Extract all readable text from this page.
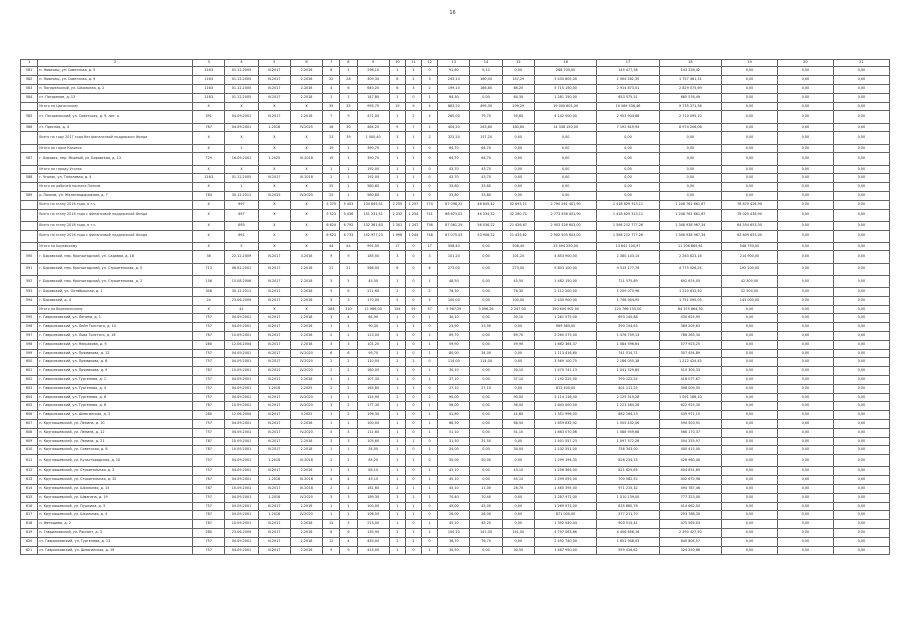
16
1	2	3	4	5	6	7	8	9	10	11	12	13	14	15	16	17	18	19	20	21
581	п. Новочеш, ул. Советская, д. 5	1163	01.12.2005	IV.2017	2.2018	8	1	298,10	1	1	0	91,60	9,10	0,00	288 700,00	145 477,36	143 228,42	0,00	0,00	0,00
582	п. Новочеш, ул. Советская, д. 9	1163	01.12.2005	IV.2017	2.2018	22	28	309,30	6	2	3	243,10	180,00	147,29	3 435 805,00	1 904 282,35	1 757 461,31	0,00	0,00	0,00
583	п. Погорельский, ул. Школьная, д. 2	1163	01.12.2005	IV.2017	2.2018	4	6	640,20	6	3	2	199,10	186,80	86,20	5 715 150,00	2 914 873,51	2 829 075,69	0,00	0,00	0,00
584	ст. Погорелое, д. 13	1163	01.12.2005	IV.2017	2.2018	1	1	147,80	1	0	1	64,30	0,00	64,30	1 281 150,00	653 575,51	665 576,49	0,00	0,00	0,00
	Итого по Цыганскому	X	X	X	X	35	35	995,70	19	9	4	663,20	499,30	199,29	19 000 605,00	10 069 536,46	9 735 371,36	0,00	0,00	0,00
585	ст. Погорельский, ул. Советская, д. 9, лит. а	391	04.09.2001	IV.2017	2.2018	7	9	471,00	1	2	4	280,00	79,70	59,60	4 142 000,00	2 953 904,68	2 710 095,10	0,00	0,00	0,00
586	ст. Пресная, д. 4	787	04.09.2001	1.2018	IV.2025	16	30	464,20	9	7	2	404,20	243,60	180,60	14 338 150,00	7 192 619,94	6 974 206,06	0,00	0,00	0,00
	Всего по году 2017 года без финансовой поддержки Фонда	X	X	X	X	23	39	1 000,40	3	1	2	323,20	137,20	0,00	0,00	0,00	0,00	0,00	0,00	0,00
	Итого по горке Казинск	X	1	X	X	19	1	390,70	1	1	0	64,70	64,70	0,00	0,00	0,00	0,00	0,00	0,00	0,00
587	г. Боровск, пер. Мирный, ул. Боровская, д. 13	729	16.09.2001	1.2025	III.2018	19	1	390,70	1	1	0	64,70	64,70	0,00	0,00	0,00	0,00	0,00	0,00	0,00
	Итого по городу Уголок	X	X	X	X	1	1	192,00	1	1	0	43,70	43,70	0,00	0,00	0,00	0,00	0,00	0,00	0,00
588	г. Уголок, ул. Тополевая, д. 4	1163	01.12.2005	IV.2017	III.2018	2	1	192,00	1	1	0	43,70	43,70	0,00	0,00	0,00	0,00	0,00	0,00	0,00
	Итого по рабочей поселке Полков	X	1	X	X	25	1	580,60	1	1	0	33,80	33,80	0,00	0,00	0,00	0,00	0,00	0,00	0,00
589	р. Полков, ул. Железнодорожная, д. 7	784	30.12.2011	IV.2015	IV.2020	25	1	580,60	1	1	0	33,80	33,80	0,00	0,00	0,00	0,00	0,00	0,00	0,00
	Всего по этапу 2016 года, в т.ч.	X	697	X	X	5 370	5 453	134 645,51	2 255	1 257	774	87 098,22	46 645,42	32 693,11	2 790 261 401,90	1 418 629 313,11	1 248 761 661,87	78 870 426,90	0,00	0,00
	Всего по этапу 2016 года с финансовой поддержкой Фонда	X	697	X	X	5 523	5 436	151 231,51	2 332	1 254	741	86 673,02	46 334,32	32 280,71	2 773 456 401,90	1 418 629 313,11	1 248 761 661,87	78 025 436,90	0,00	0,00
	Всего по этапу 2016 года, в т.ч.	X	693	X	X	6 624	6 792	132 361,63	2 301	1 247	756	87 061,29	56 036,22	21 426,67	2 903 326 603,00	1 598 212 777,26	1 348 938 967,34	64 554 653,00	0,00	0,00
	Всего по этапу 2016 года с финансовой поддержкой Фонда	X	691	X	X	6 623	6 733	152 977,23	1 996	1 244	748	87 075,03	53 906,22	21 433,62	2 902 505 603,00	1 598 212 777,26	1 348 938 967,34	63 609 653,00	0,00	0,00
	Итого по Боровскому	X	5	X	X	44	44	991,50	17	0	17	508,40	0,00	508,40	25 494 250,00	13 841 100,97	11 206 869,61	548 750,00	0,00	0,00
590	г. Боровский, пер. Кронштадский, ул. Садовая, д. 18	36	22.12.2009	IV.2017	3.2018	9	9	185,50	3	0	3	101,20	0,00	101,20	4 853 900,00	2 380 143,14	2 263 823,16	214 900,00	0,00	0,00
591	г. Боровский, пер. Кронштадский, ул. Строительная, д. 5	713	06.02.2001	IV.2017	2.2018	21	21	566,00	6	0	6	273,00	0,00	273,00	9 803 100,00	4 515 177,76	4 775 026,24	192 200,00	0,00	0,00
592	г. Боровский, пер. Кронштадский, ул. Строительная, д. 2	156	15.08.2006	IV.2017	2.2018	3	5	45,50	1	0	1	48,50	0,00	45,50	1 482 150,00	721 575,89	692 674,05	42 300,00	0,00	0,00
593	г. Боровский, ул. Октябрьская, д. 1	306	30.12.2011	IV.2017	2.2018	5	6	211,60	2	0	2	76,30	0,00	76,30	2 112 200,00	1 209 075,96	1 220 631,50	52 500,00	0,00	0,00
594	г. Боровский, д. 4	24	23.06.2009	IV.2017	2.2018	3	3	170,00	5	0	5	100,00	0,00	100,00	2 430 900,00	1 746 904,95	1 751 090,05	143 000,00	0,00	0,00
	Итого по Воронежскому	X	41	X	X	284	310	11 986,00	154	91	57	5 567,29	3 096,26	2 247,00	190 604 902,00	125 766 155,00	64 375 864,30	0,00	0,00	0,00
595	г. Гаврилковский, ул. Ленина, д. 1	757	04.09.2001	IV.2017	2.2018	3	4	64,90	1	0	1	30,10	0,00	30,10	1 261 575,00	693 140,88	430 625,95	0,00	0,00	0,00
596	г. Гаврилковский, ул. Лейп Толстого, д. 14	757	04.09.2001	IV.2017	2.2018	1	1	90,30	1	1	0	23,90	23,90	0,00	969 360,00	590 154,63	389 205,63	0,00	0,00	0,00
597	г. Гаврилковский, ул. Льва Толстого, д. 16	787	10.09.2001	IV.2017	2.2018	2	2	113,00	2	0	2	69,70	0,00	69,70	2 260 575,00	1 476 709,13	786 265,30	0,00	0,00	0,00
598	г. Гаврилковский, ул. Некрасова, д. 9	280	12.06.2004	IV.2017	2.2018	3	3	101,20	1	0	1	59,90	0,00	59,90	1 662 364,37	1 084 596,64	577 923,25	0,00	0,00	0,00
599	г. Гаврилковский, ул. Прямикова, д. 12	757	04.09.2001	IV.2017	IV.2020	6	6	95,70	1	0	1	80,00	34,00	0,00	1 113 416,60	741 514,71	307 454,89	0,00	0,00	0,00
600	г. Гаврилковский, ул. Прямикова, д. 6	757	04.09.2001	IV.2017	IV.2020	2	2	110,00	2	2	0	114,00	114,00	0,00	3 569 100,75	2 186 055,38	1 212 424,45	0,00	0,00	0,00
601	г. Гаврилковский, ул. Прямикова, д. 9	787	10.09.2001	IV.2017	IV.2020	2	2	180,00	1	0	1	30,10	0,00	30,10	1 470 741,13	1 041 529,80	519 305,33	0,00	0,00	0,00
602	г. Гаврилковский, ул. Тургенева, д. 1	757	04.09.2001	IV.2017	2.2018	1	1	107,30	1	0	1	37,10	0,00	37,10	1 192 225,00	790 122,24	416 077,67	0,00	0,00	0,00
603	г. Гаврилковский, ул. Тургенева, д. 4	757	04.09.2001	1.2018	2.2025	2	2	165,80	1	1	0	27,10	27,10	0,00	812 400,00	401 111,25	398 009,55	0,00	0,00	0,00
604	г. Гаврилковский, ул. Тургенева, д. 6	757	04.09.2001	IV.2017	IV.2020	1	1	114,90	2	0	2	90,00	0,00	90,00	3 114 116,40	2 125 319,28	1 091 186,10	0,00	0,00	0,00
605	г. Гаврилковский, ул. Тургенева, д. 8	787	10.09.2001	IV.2017	IV.2020	3	2	177,30	1	0	1	56,00	0,00	56,00	1 845 000,00	1 223 584,28	622 925,30	0,00	0,00	0,00
606	г. Гаврилковский, ул. Шмагинская, д. 3	280	12.06.2004	IV.2017	3.2022	1	2	196,30	1	0	1	41,80	0,00	41,80	1 351 996,00	882 164,23	439 971,15	0,00	0,00	0,00
607	п. Круглашевский, ул. Ленина, д. 10	757	04.09.2001	IV.2017	2.2018	1	1	100,00	1	0	1	68,50	0,00	68,50	1 659 832,92	1 055 432,06	594 503,91	0,00	0,00	0,00
608	п. Круглашевский, ул. Ленина, д. 12	757	04.09.2001	IV.2017	IV.2020	5	5	111,60	1	0	1	51,10	0,00	51,10	1 663 070,06	1 088 959,68	568 170,37	0,00	0,00	0,00
609	п. Круглашевский, ул. Ленина, д. 21	787	10.09.2001	IV.2017	2.2018	3	3	105,60	1	1	0	31,50	31,50	0,00	1 401 557,23	1 097 572,26	504 255,97	0,00	0,00	0,00
610	п. Круглашевский, ул. Советская, д. 6	787	10.09.2001	IV.2017	2.2018	1	1	54,00	1	0	1	34,00	0,00	34,00	1 102 551,00	758 343,00	400 415,00	0,00	0,00	0,00
611	п. Круглашевский, ул. Культгородская, д. 10	757	04.09.2001	1.2018	III.2018	2	2	85,20	1	1	0	50,00	50,00	0,00	1 299 194,35	828 234,15	428 960,40	0,00	0,00	0,00
612	п. Круглашевский, ул. Строительная, д. 2	757	04.09.2001	IV.2017	2.2018	1	1	85,10	1	0	1	43,10	0,00	43,10	1 256 365,00	821 625,65	404 831,65	0,00	0,00	0,00
613	п. Круглашевский, ул. Строительная, д. 32	787	04.09.2001	1.2018	III.2018	4	4	45,10	1	0	1	45,10	0,00	45,10	1 299 055,00	700 582,52	402 672,98	0,00	0,00	0,00
614	п. Круглашевский, ул. Школьная, д. 15	787	10.09.2001	IV.2017	III.2018	2	2	181,60	2	1	1	45,10	11,00	26,70	1 465 395,00	971 215,32	494 787,46	0,00	0,00	0,00
615	п. Круглашевский, ул. Шмагина, д. 19	757	04.09.2001	1.2018	IV.2020	3	3	189,30	3	2	1	70,40	70,40	0,00	2 287 972,00	1 510 139,00	777 323,00	0,00	0,00	0,00
616	п. Круглашевский, ул. Пушкина, д. 3	757	04.09.2001	IV.2017	2.2018	1	1	100,00	1	1	0	45,00	45,00	0,00	1 269 975,00	835 880,76	414 662,50	0,00	0,00	0,00
617	п. Круглашевский, ул. Школьная, д. 4	787	04.09.2001	1.2018	IV.2020	1	1	106,50	1	1	0	26,00	26,00	0,00	871 000,00	577 211,70	293 788,30	0,00	0,00	0,00
618	п. Фетищево, д. 2	787	10.09.2001	IV.2017	2.2018	15	3	215,00	1	0	1	45,10	45,20	0,00	1 392 040,44	900 515,41	475 565,03	0,00	0,00	0,00
619	п. Гаврилковский, ул. Рассвет, д. 3	280	23.06.2009	IV.2017	2.2018	6	6	135,90	2	1	1	100,10	141,00	141,00	4 797 083,66	4 406 656,16	2 390 427,50	0,00	0,00	0,00
620	ст. Гаврилковский, ул. Тургенева, д. 13	757	04.09.2001	IV.2017	2.2018	12	4	435,00	2	2	0	36,70	76,70	0,00	2 492 740,00	1 651 946,03	840 804,57	0,00	0,00	0,00
621	ст. Гаврилковский, ул. Шмагинская, д. 19	757	04.09.2001	IV.2017	2.2018	9	9	415,00	1	0	1	30,50	0,00	30,50	1 467 950,00	959 416,82	324 250,68	0,00	0,00	0,00
